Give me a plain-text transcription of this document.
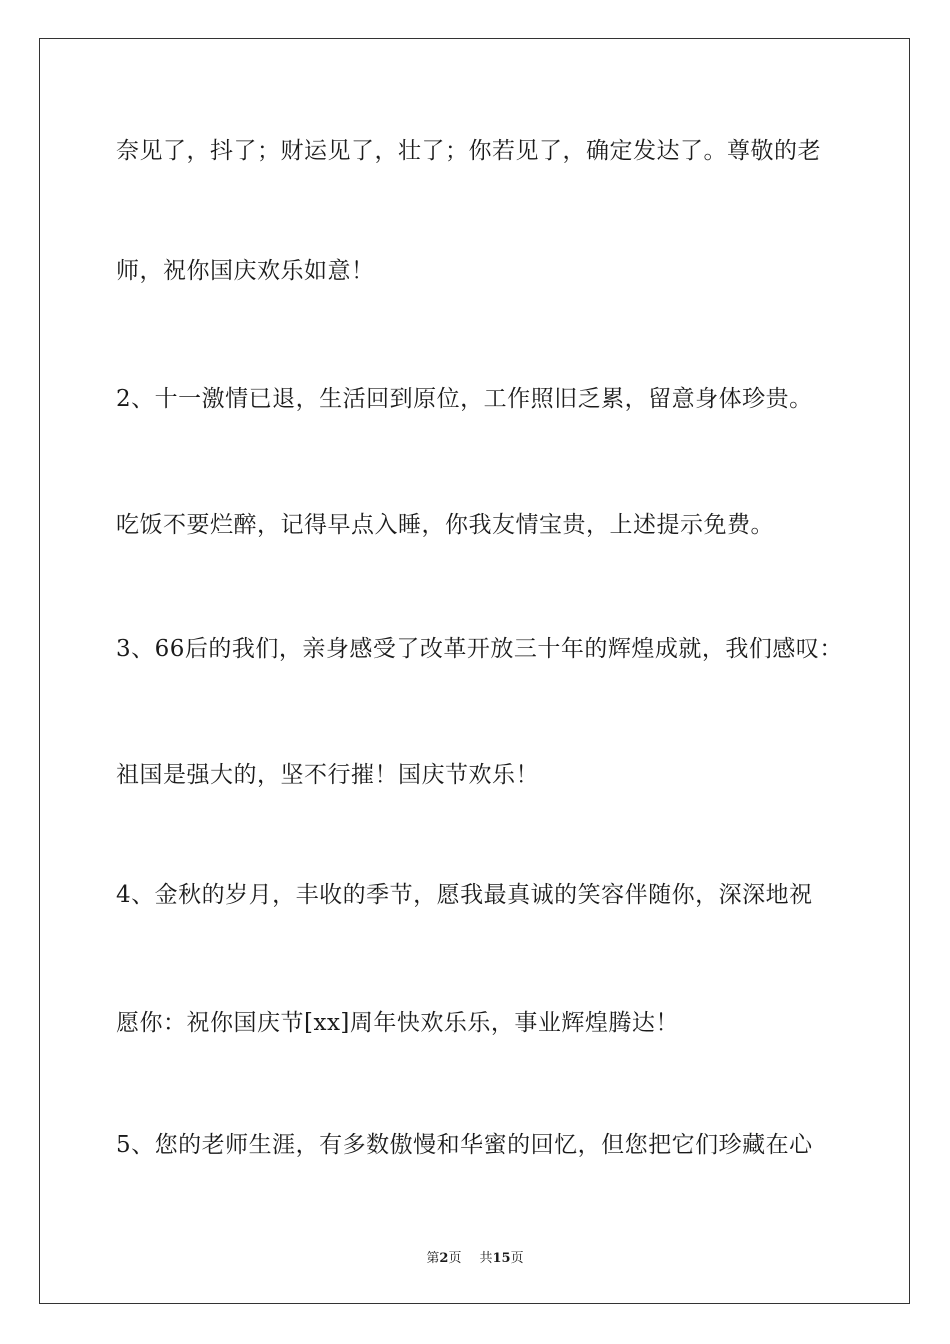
奈见了，抖了；财运见了，壮了；你若见了，确定发达了。尊敬的老
师，祝你国庆欢乐如意！
2、十一激情已退，生活回到原位，工作照旧乏累，留意身体珍贵。
吃饭不要烂醉，记得早点入睡，你我友情宝贵，上述提示免费。
3、66后的我们，亲身感受了改革开放三十年的辉煌成就，我们感叹：
祖国是强大的，坚不行摧！国庆节欢乐！
4、金秋的岁月，丰收的季节，愿我最真诚的笑容伴随你，深深地祝
愿你：祝你国庆节[xx]周年快欢乐乐，事业辉煌腾达！
5、您的老师生涯，有多数傲慢和华蜜的回忆，但您把它们珍藏在心
第2页 共15页
